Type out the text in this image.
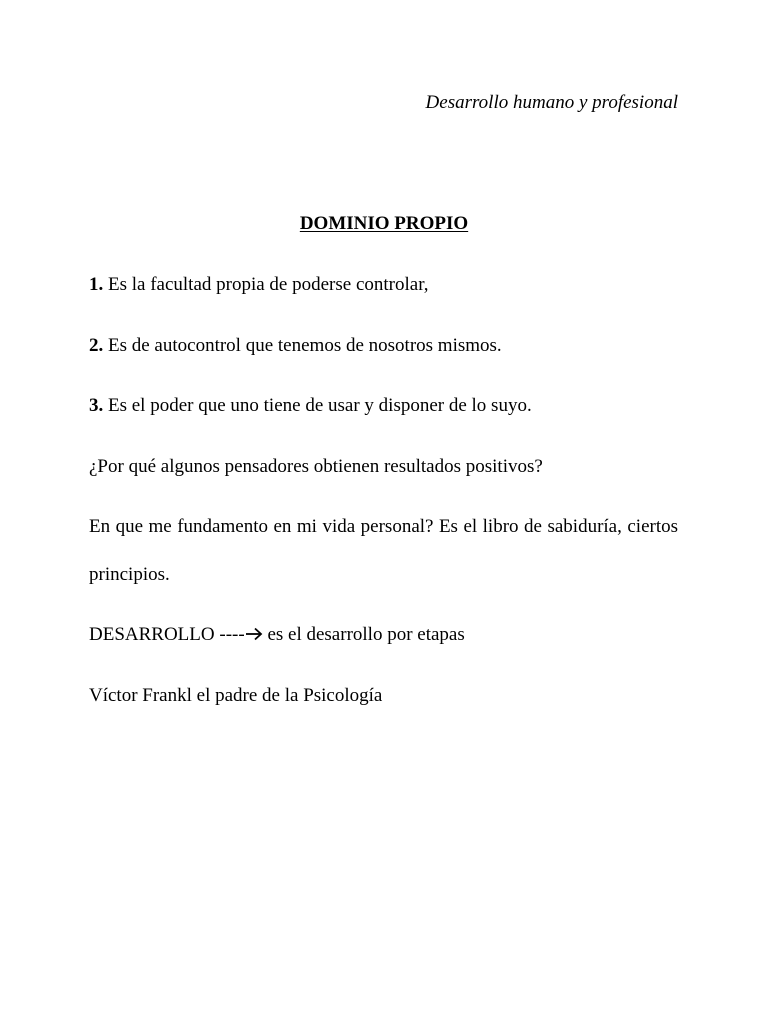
Desarrollo humano y profesional
DOMINIO PROPIO
1. Es la facultad propia de poderse controlar,
2. Es de autocontrol que tenemos de nosotros mismos.
3. Es el poder que uno tiene de usar y disponer de lo suyo.
¿Por qué algunos pensadores obtienen resultados positivos?
En que me fundamento en mi vida personal? Es el libro de sabiduría, ciertos principios.
DESARROLLO ---- es el desarrollo por etapas
Víctor Frankl el padre de la Psicología
